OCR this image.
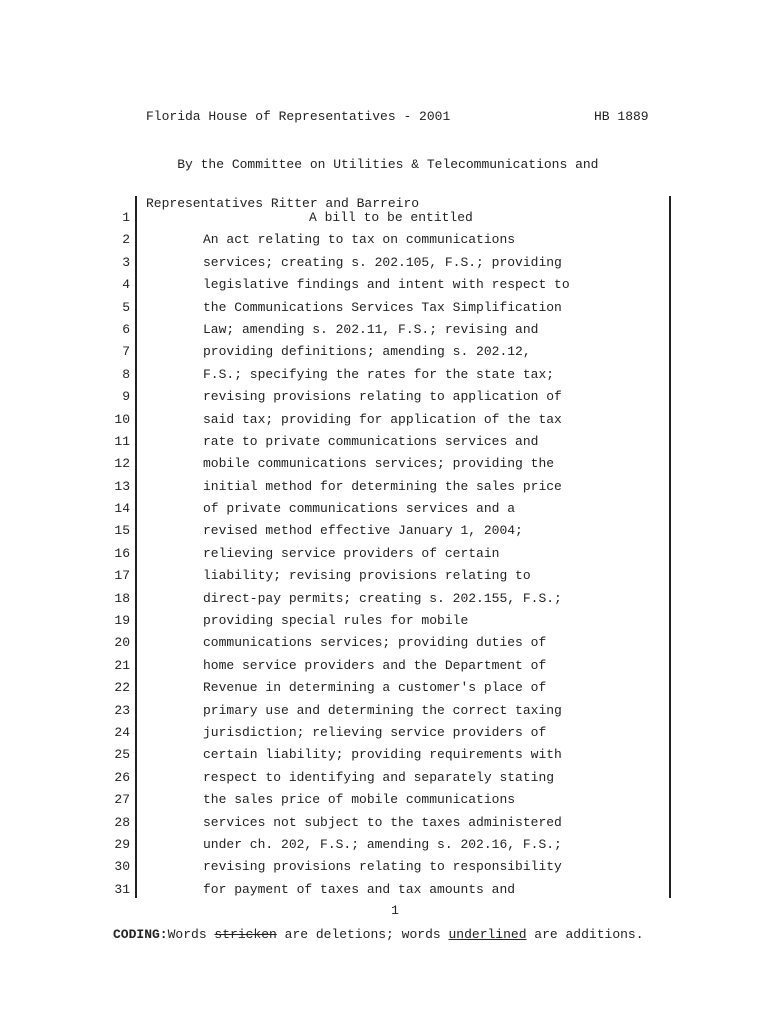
Florida House of Representatives - 2001	HB 1889

By the Committee on Utilities & Telecommunications and

Representatives Ritter and Barreiro

1	A bill to be entitled
2	An act relating to tax on communications
3	services; creating s. 202.105, F.S.; providing
4	legislative findings and intent with respect to
5	the Communications Services Tax Simplification
6	Law; amending s. 202.11, F.S.; revising and
7	providing definitions; amending s. 202.12,
8	F.S.; specifying the rates for the state tax;
9	revising provisions relating to application of
10	said tax; providing for application of the tax
11	rate to private communications services and
12	mobile communications services; providing the
13	initial method for determining the sales price
14	of private communications services and a
15	revised method effective January 1, 2004;
16	relieving service providers of certain
17	liability; revising provisions relating to
18	direct-pay permits; creating s. 202.155, F.S.;
19	providing special rules for mobile
20	communications services; providing duties of
21	home service providers and the Department of
22	Revenue in determining a customer's place of
23	primary use and determining the correct taxing
24	jurisdiction; relieving service providers of
25	certain liability; providing requirements with
26	respect to identifying and separately stating
27	the sales price of mobile communications
28	services not subject to the taxes administered
29	under ch. 202, F.S.; amending s. 202.16, F.S.;
30	revising provisions relating to responsibility
31	for payment of taxes and tax amounts and
1
CODING:Words stricken are deletions; words underlined are additions.
